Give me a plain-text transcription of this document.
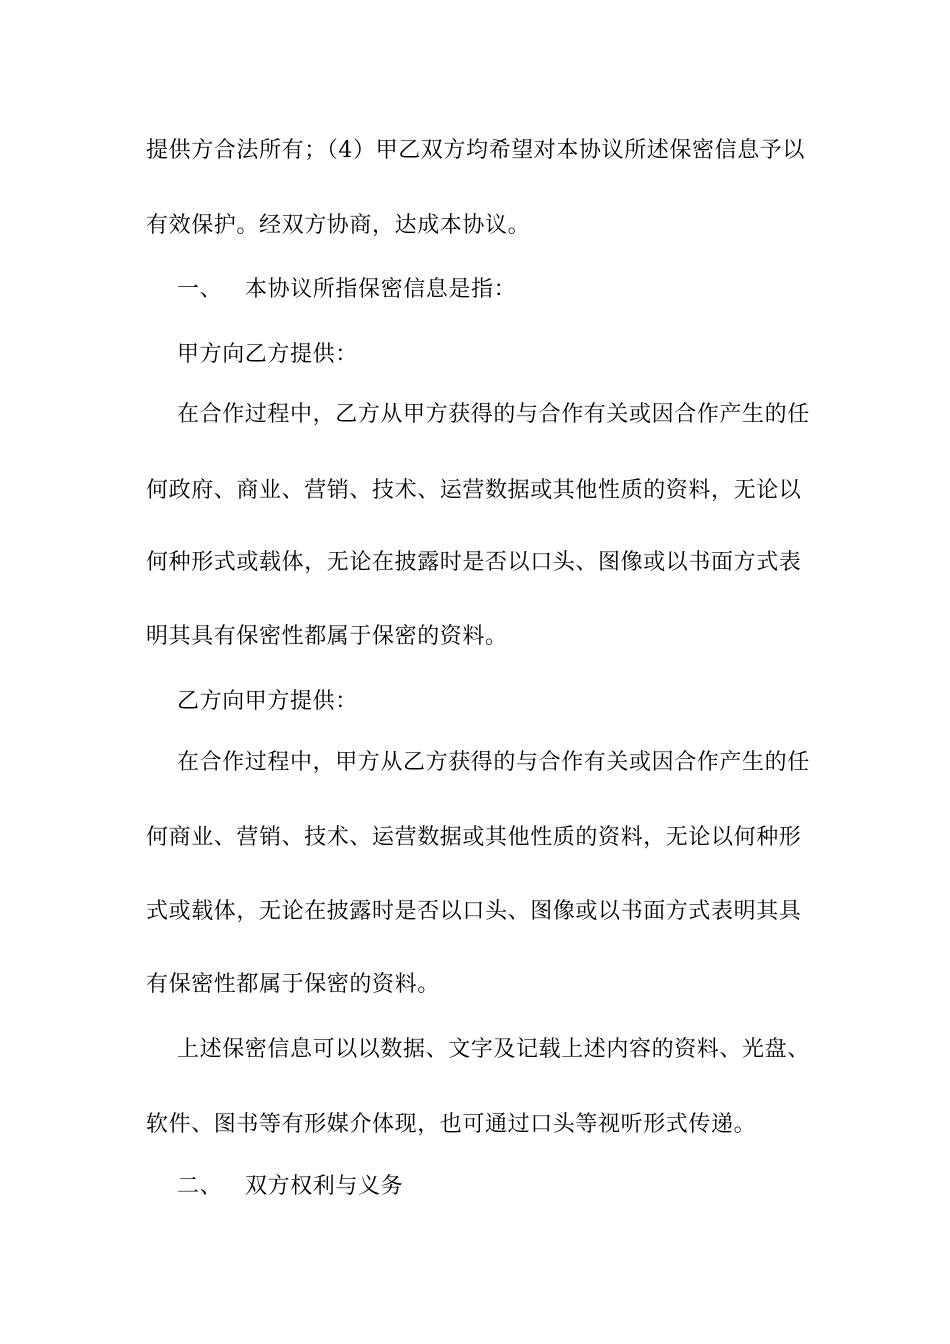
提供方合法所有；（4）甲乙双方均希望对本协议所述保密信息予以
有效保护。经双方协商，达成本协议。
一、 本协议所指保密信息是指：
甲方向乙方提供：
在合作过程中，乙方从甲方获得的与合作有关或因合作产生的任
何政府、商业、营销、技术、运营数据或其他性质的资料，无论以
何种形式或载体，无论在披露时是否以口头、图像或以书面方式表
明其具有保密性都属于保密的资料。
乙方向甲方提供：
在合作过程中，甲方从乙方获得的与合作有关或因合作产生的任
何商业、营销、技术、运营数据或其他性质的资料，无论以何种形
式或载体，无论在披露时是否以口头、图像或以书面方式表明其具
有保密性都属于保密的资料。
上述保密信息可以以数据、文字及记载上述内容的资料、光盘、
软件、图书等有形媒介体现，也可通过口头等视听形式传递。
二、 双方权利与义务
